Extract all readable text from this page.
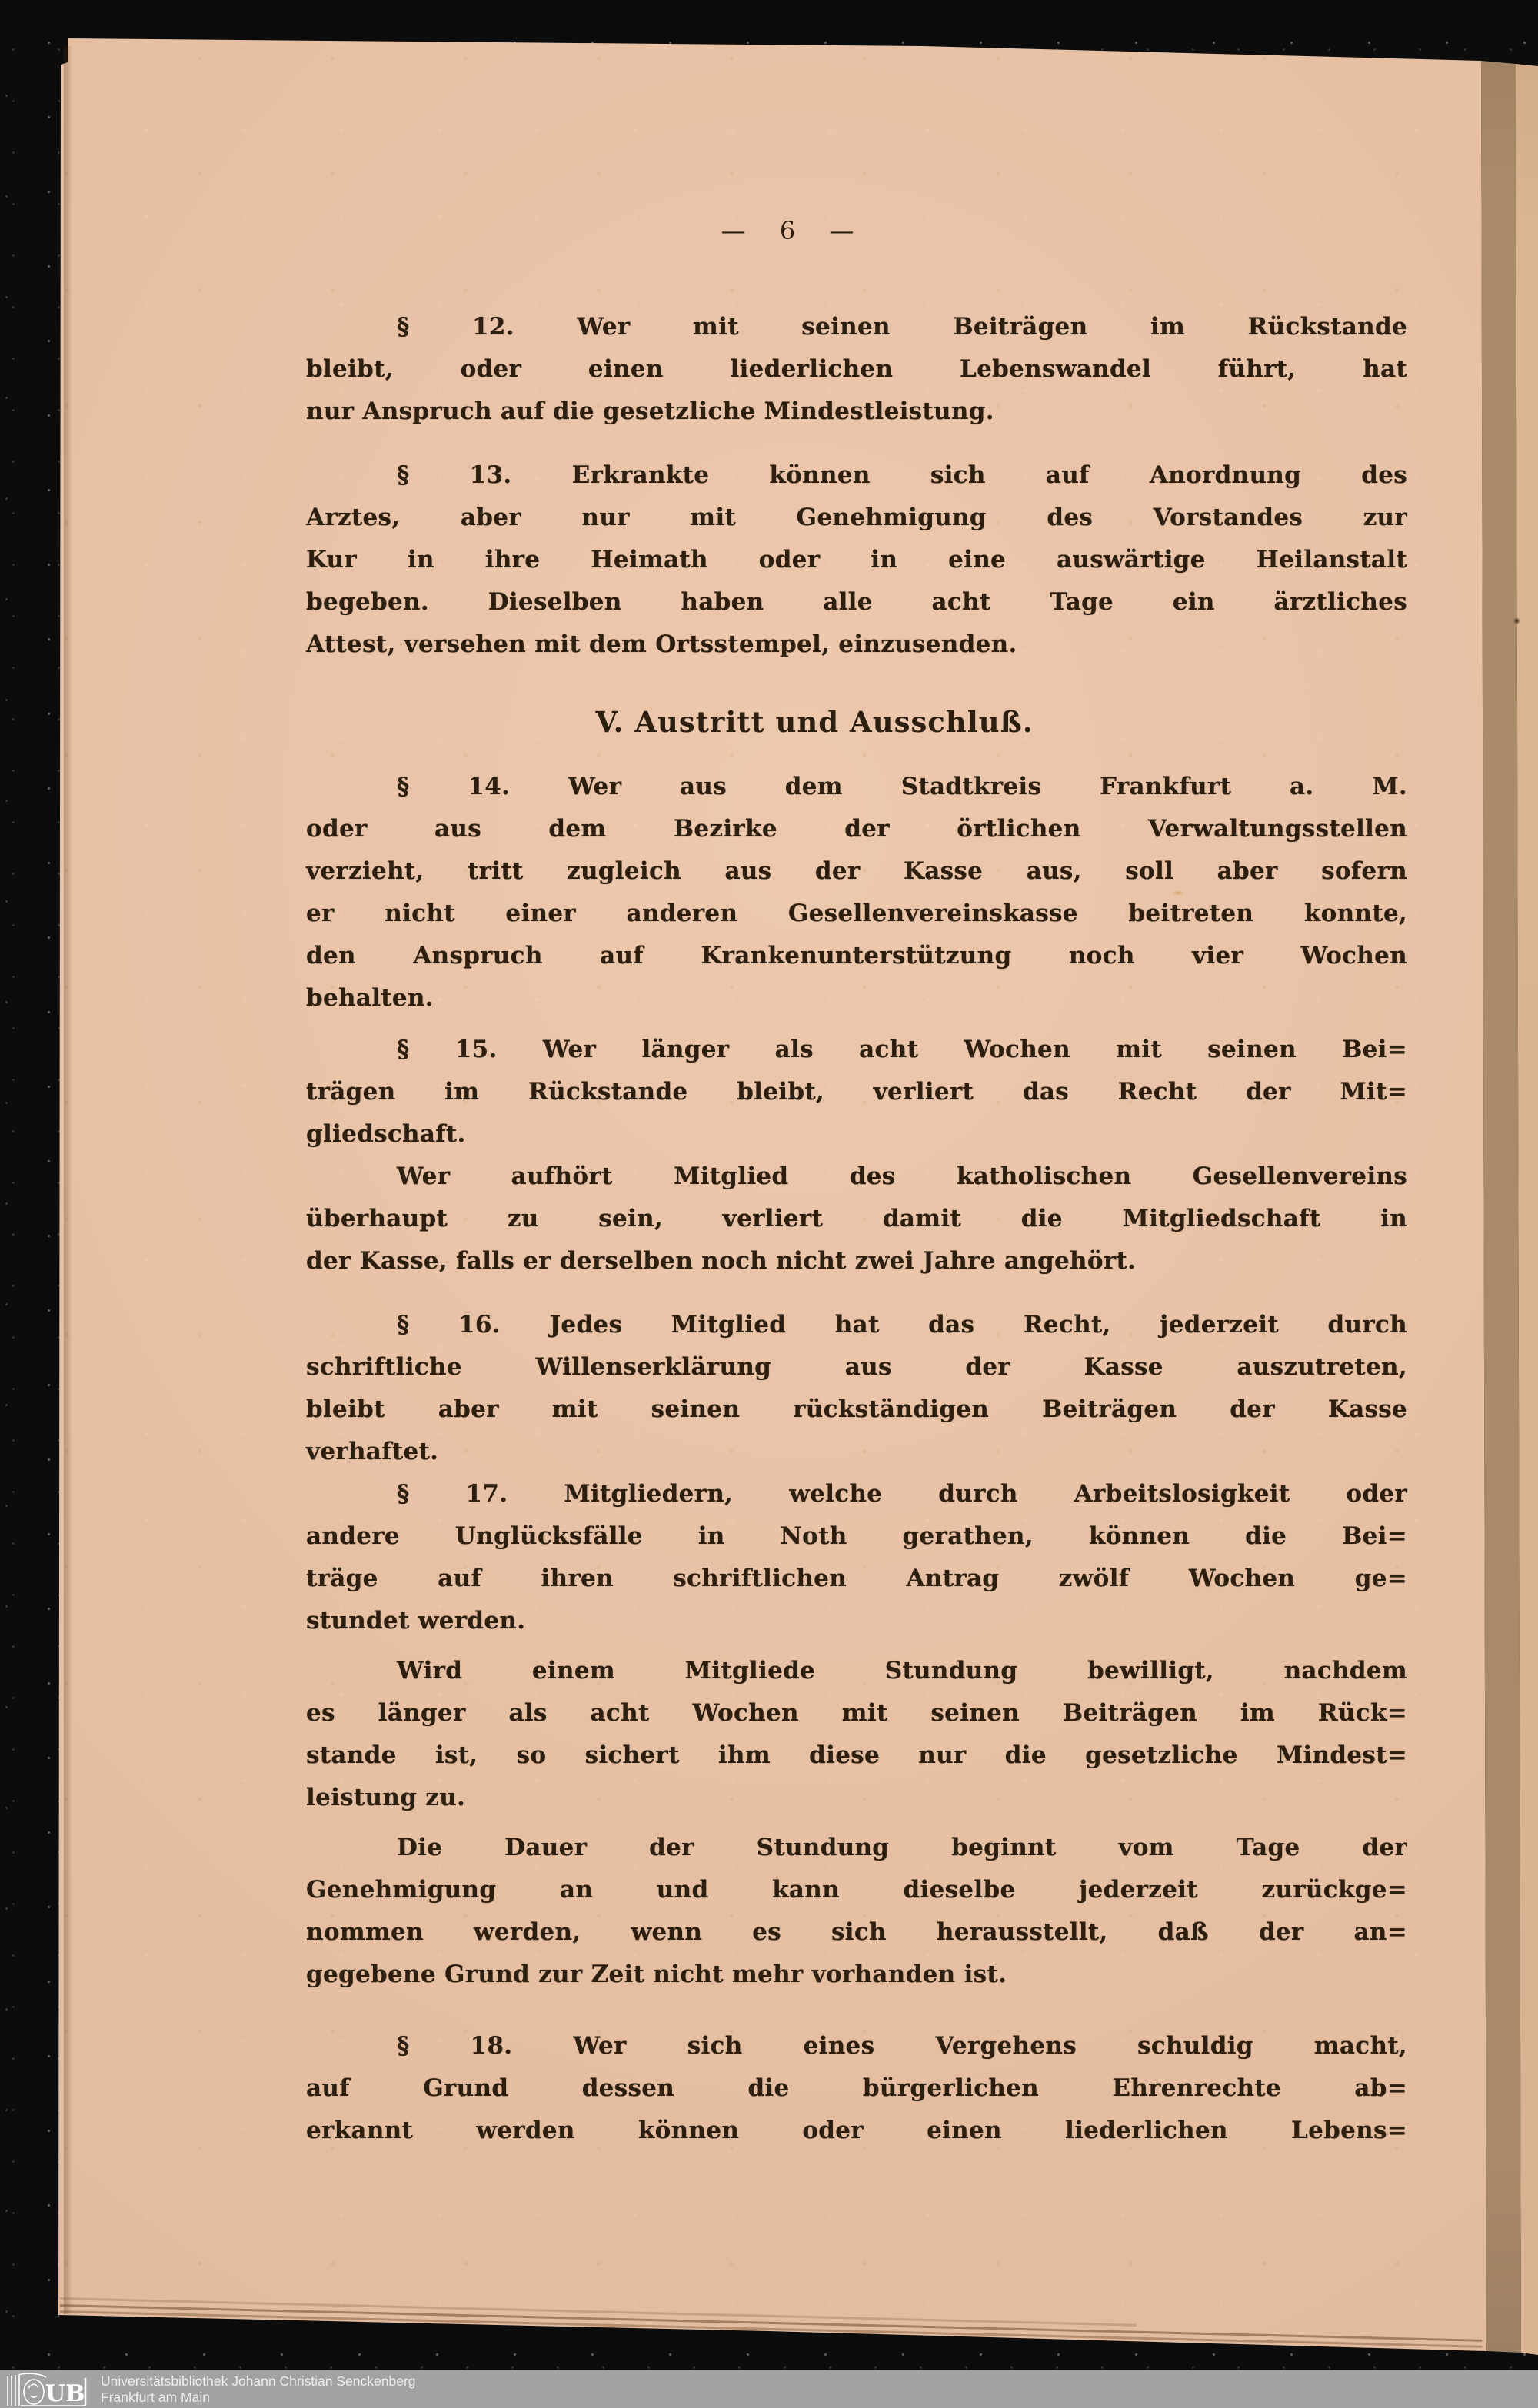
— 6 —
§ 12. Wer mit seinen Beiträgen im Rückstande
bleibt, oder einen liederlichen Lebenswandel führt, hat
nur Anspruch auf die gesetzliche Mindestleistung.
§ 13. Erkrankte können sich auf Anordnung des
Arztes, aber nur mit Genehmigung des Vorstandes zur
Kur in ihre Heimath oder in eine auswärtige Heilanstalt
begeben. Dieselben haben alle acht Tage ein ärztliches
Attest, versehen mit dem Ortsstempel, einzusenden.
V. Austritt und Ausschluß.
§ 14. Wer aus dem Stadtkreis Frankfurt a. M.
oder aus dem Bezirke der örtlichen Verwaltungsstellen
verzieht, tritt zugleich aus der Kasse aus, soll aber sofern
er nicht einer anderen Gesellenvereinskasse beitreten konnte,
den Anspruch auf Krankenunterstützung noch vier Wochen
behalten.
§ 15. Wer länger als acht Wochen mit seinen Bei=
trägen im Rückstande bleibt, verliert das Recht der Mit=
gliedschaft.
Wer aufhört Mitglied des katholischen Gesellenvereins
überhaupt zu sein, verliert damit die Mitgliedschaft in
der Kasse, falls er derselben noch nicht zwei Jahre angehört.
§ 16. Jedes Mitglied hat das Recht, jederzeit durch
schriftliche Willenserklärung aus der Kasse auszutreten,
bleibt aber mit seinen rückständigen Beiträgen der Kasse
verhaftet.
§ 17. Mitgliedern, welche durch Arbeitslosigkeit oder
andere Unglücksfälle in Noth gerathen, können die Bei=
träge auf ihren schriftlichen Antrag zwölf Wochen ge=
stundet werden.
Wird einem Mitgliede Stundung bewilligt, nachdem
es länger als acht Wochen mit seinen Beiträgen im Rück=
stande ist, so sichert ihm diese nur die gesetzliche Mindest=
leistung zu.
Die Dauer der Stundung beginnt vom Tage der
Genehmigung an und kann dieselbe jederzeit zurückge=
nommen werden, wenn es sich herausstellt, daß der an=
gegebene Grund zur Zeit nicht mehr vorhanden ist.
§ 18. Wer sich eines Vergehens schuldig macht,
auf Grund dessen die bürgerlichen Ehrenrechte ab=
erkannt werden können oder einen liederlichen Lebens=
UB Universitätsbibliothek Johann Christian Senckenberg
Frankfurt am Main
